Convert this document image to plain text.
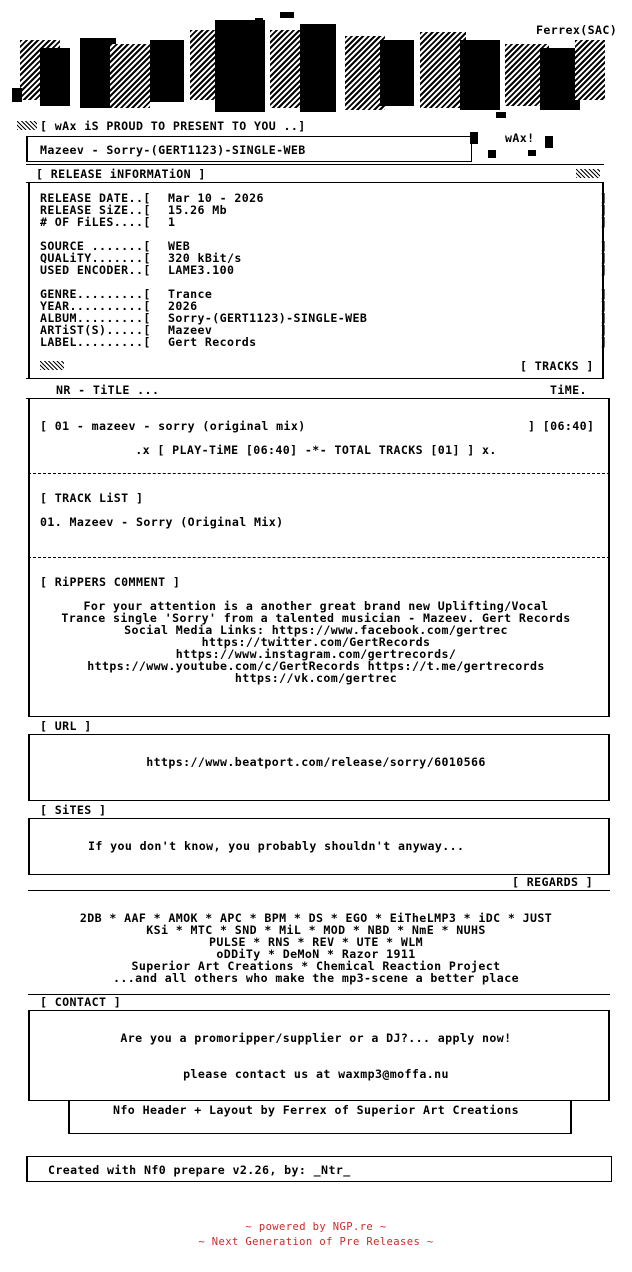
Ferrex(SAC)
wAx!
[ wAx iS PROUD TO PRESENT TO YOU ..]
Mazeev - Sorry-(GERT1123)-SINGLE-WEB
[ RELEASE iNFORMATiON ]
RELEASE DATE..[ Mar 10 - 2026	]
RELEASE SiZE..[ 15.26 Mb	]
# OF FiLES....[ 1	]
SOURCE .......[ WEB	]
QUALiTY.......[ 320 kBit/s	]
USED ENCODER..[ LAME3.100	]
GENRE.........[ Trance	]
YEAR..........[ 2026	]
ALBUM.........[ Sorry-(GERT1123)-SINGLE-WEB	]
ARTiST(S).....[ Mazeev	]
LABEL.........[ Gert Records	]
[ TRACKS ]
NR - TiTLE ...	TiME.
[ 01 - mazeev - sorry (original mix)	] [06:40]
.x [ PLAY-TiME [06:40] -*- TOTAL TRACKS [01] ] x.
[ TRACK LiST ]
01. Mazeev - Sorry (Original Mix)
[ RiPPERS C0MMENT ]
For your attention is a another great brand new Uplifting/Vocal
Trance single 'Sorry' from a talented musician - Mazeev. Gert Records
Social Media Links: https://www.facebook.com/gertrec
https://twitter.com/GertRecords
https://www.instagram.com/gertrecords/
https://www.youtube.com/c/GertRecords https://t.me/gertrecords
https://vk.com/gertrec
[ URL ]
https://www.beatport.com/release/sorry/6010566
[ SiTES ]
If you don't know, you probably shouldn't anyway...
[ REGARDS ]
2DB * AAF * AMOK * APC * BPM * DS * EGO * EiTheLMP3 * iDC * JUST
KSi * MTC * SND * MiL * MOD * NBD * NmE * NUHS
PULSE * RNS * REV * UTE * WLM
oDDiTy * DeMoN * Razor 1911
Superior Art Creations * Chemical Reaction Project
...and all others who make the mp3-scene a better place
[ CONTACT ]
Are you a promoripper/supplier or a DJ?... apply now!
please contact us at waxmp3@moffa.nu
Nfo Header + Layout by Ferrex of Superior Art Creations
Created with Nf0 prepare v2.26, by: _Ntr_
~ powered by NGP.re ~
~ Next Generation of Pre Releases ~
